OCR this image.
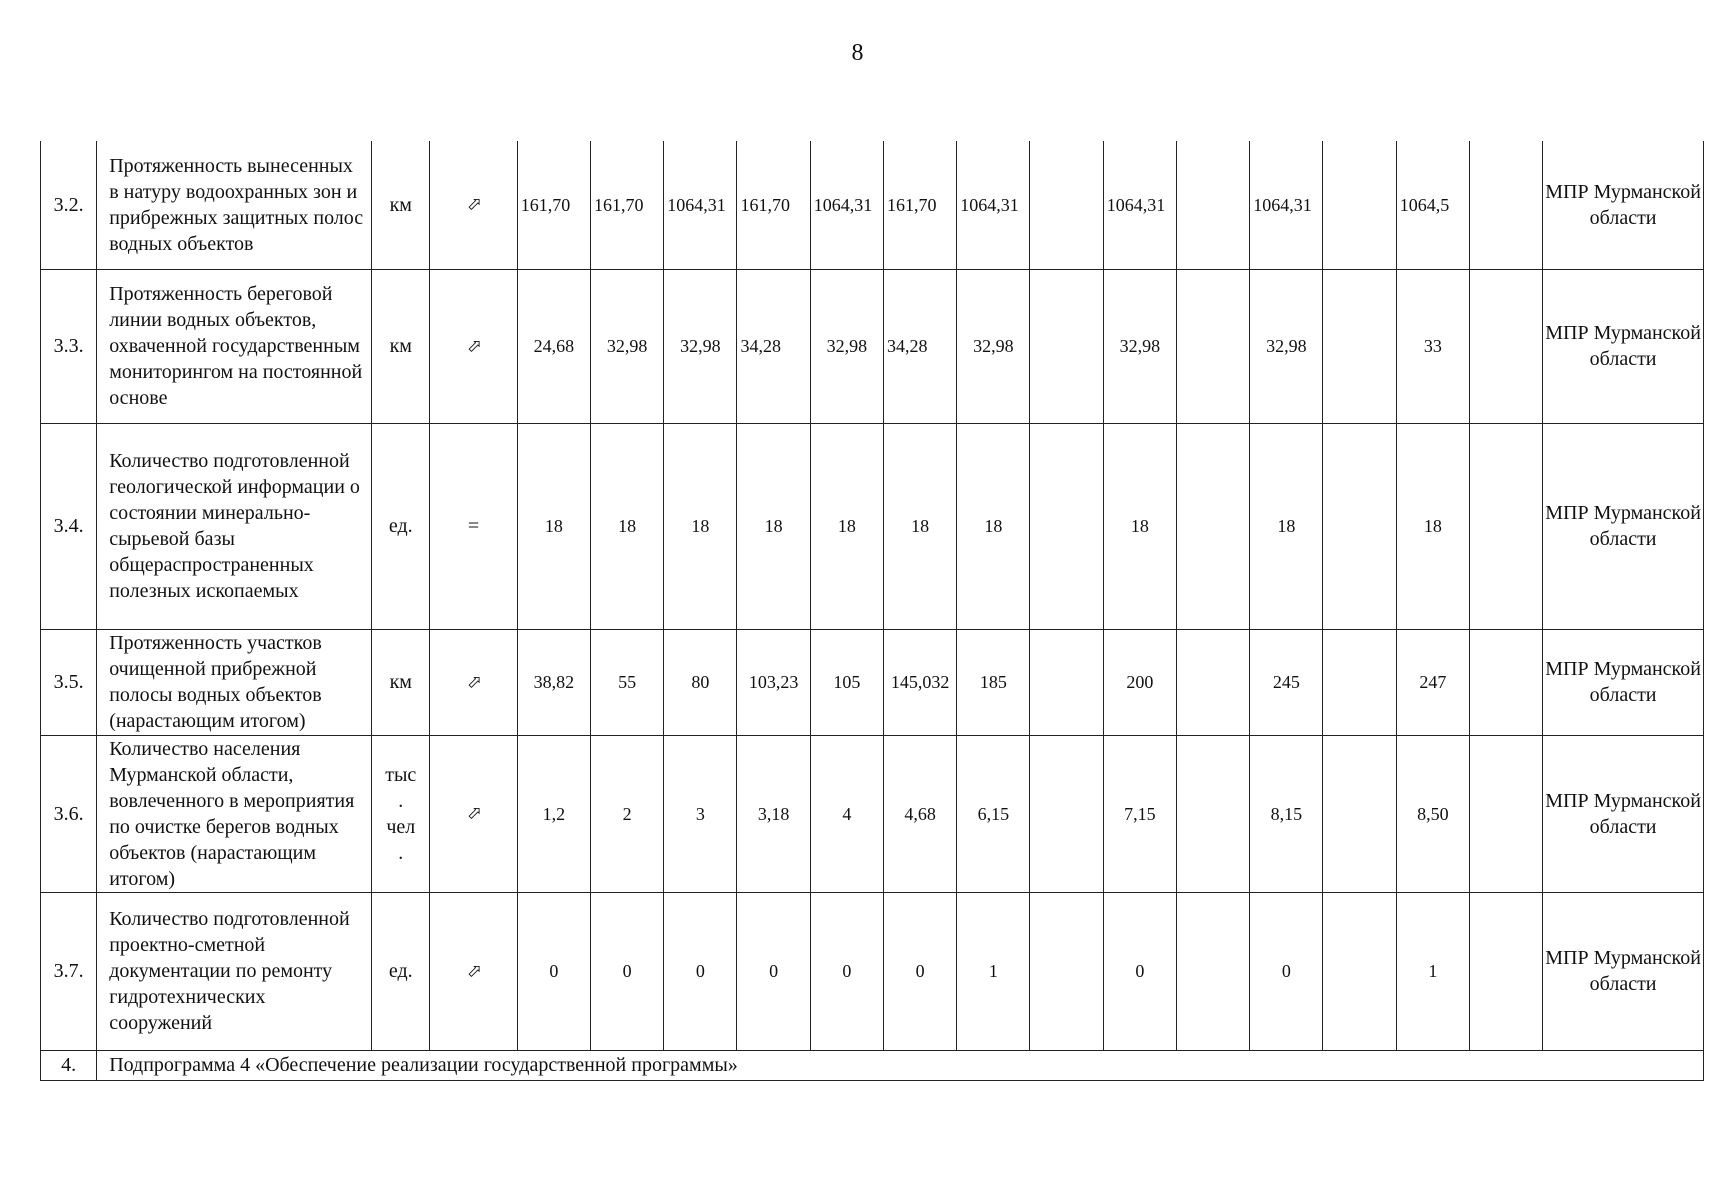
8
3.2.	Протяженность вынесенных в натуру водоохранных зон и прибрежных защитных полос водных объектов	км	⇧	161,70	161,70	1064,31	161,70	1064,31	161,70	1064,31		1064,31		1064,31		1064,5		МПР Мурманской области
3.3.	Протяженность береговой линии водных объектов, охваченной государственным мониторингом на постоянной основе	км	⇧	24,68	32,98	32,98	34,28	32,98	34,28	32,98		32,98		32,98		33		МПР Мурманской области
3.4.	Количество подготовленной геологической информации о состоянии минерально-сырьевой базы общераспространенных полезных ископаемых	ед.	=	18	18	18	18	18	18	18		18		18		18		МПР Мурманской области
3.5.	Протяженность участков очищенной прибрежной полосы водных объектов (нарастающим итогом)	км	⇧	38,82	55	80	103,23	105	145,032	185		200		245		247		МПР Мурманской области
3.6.	Количество населения Мурманской области, вовлеченного в мероприятия по очистке берегов водных объектов (нарастающим итогом)	тыс
.
чел
.	⇧	1,2	2	3	3,18	4	4,68	6,15		7,15		8,15		8,50		МПР Мурманской области
3.7.	Количество подготовленной проектно-сметной документации по ремонту гидротехнических сооружений	ед.	⇧	0	0	0	0	0	0	1		0		0		1		МПР Мурманской области
4.	Подпрограмма 4 «Обеспечение реализации государственной программы»																	
